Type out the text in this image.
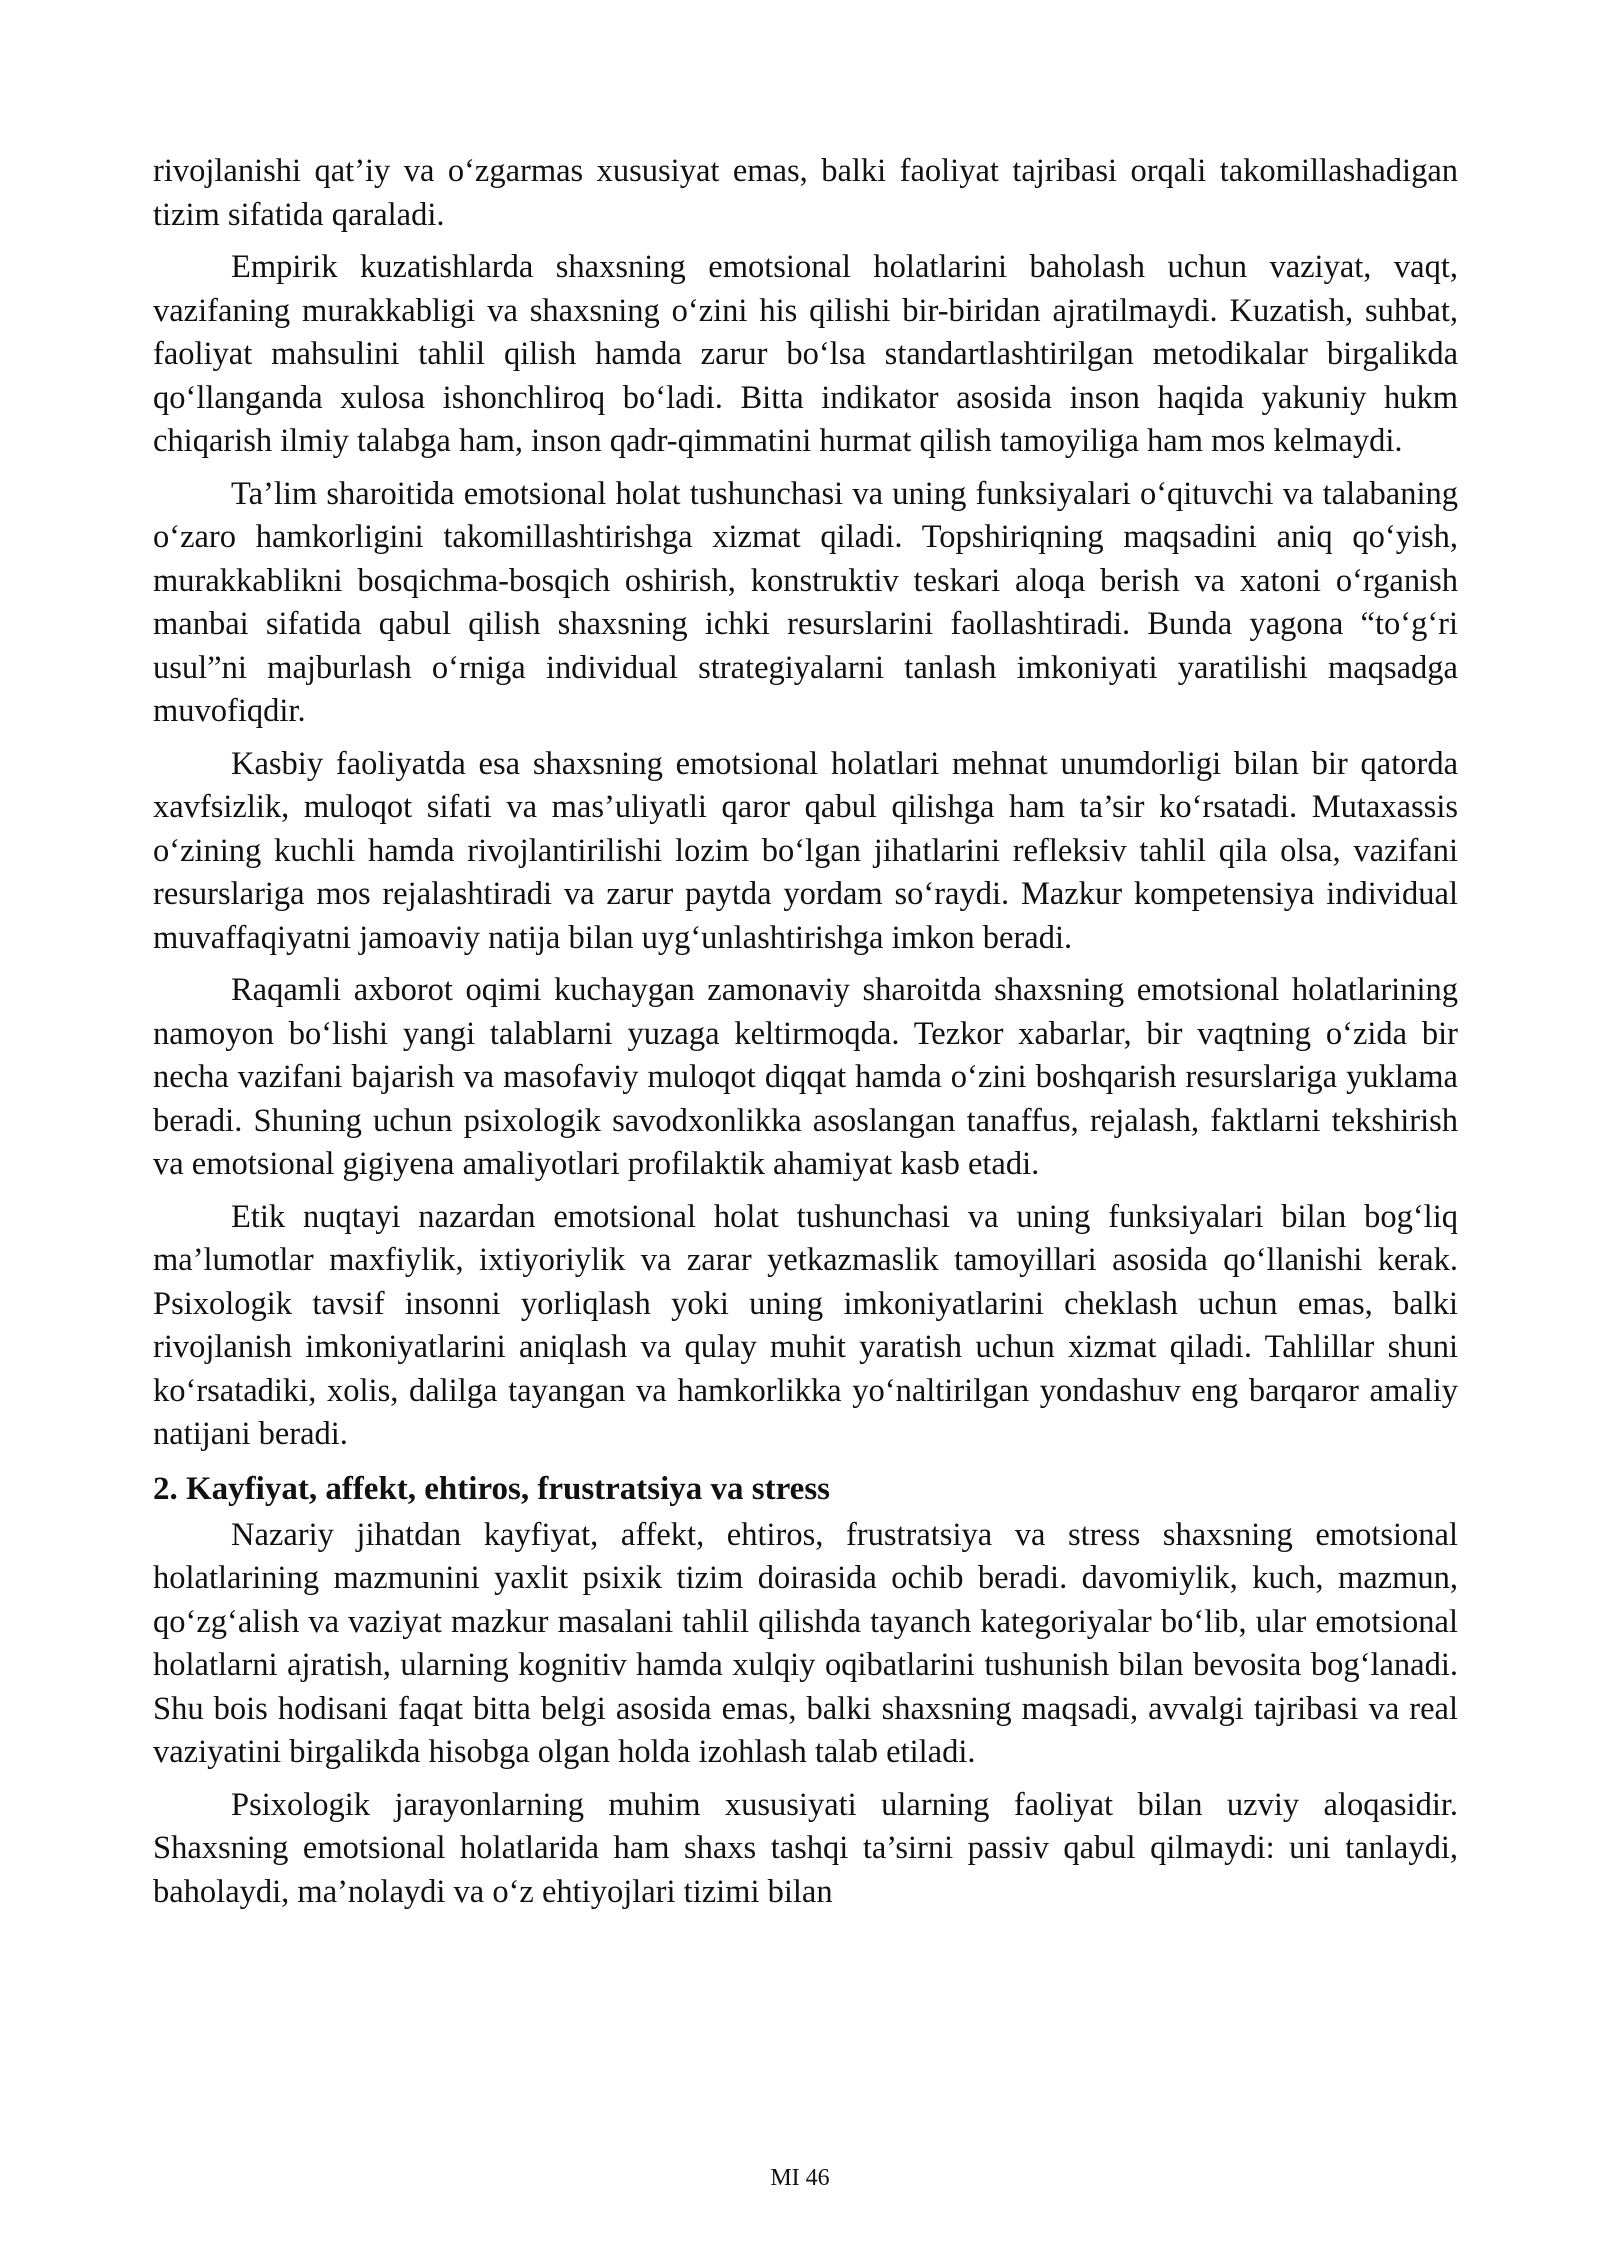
rivojlanishi qat’iy va o‘zgarmas xususiyat emas, balki faoliyat tajribasi orqali takomillashadigan tizim sifatida qaraladi.

Empirik kuzatishlarda shaxsning emotsional holatlarini baholash uchun vaziyat, vaqt, vazifaning murakkabligi va shaxsning o‘zini his qilishi bir-biridan ajratilmaydi. Kuzatish, suhbat, faoliyat mahsulini tahlil qilish hamda zarur bo‘lsa standartlashtirilgan metodikalar birgalikda qo‘llanganda xulosa ishonchliroq bo‘ladi. Bitta indikator asosida inson haqida yakuniy hukm chiqarish ilmiy talabga ham, inson qadr-qimmatini hurmat qilish tamoyiliga ham mos kelmaydi.

Ta’lim sharoitida emotsional holat tushunchasi va uning funksiyalari o‘qituvchi va talabaning o‘zaro hamkorligini takomillashtirishga xizmat qiladi. Topshiriqning maqsadini aniq qo‘yish, murakkablikni bosqichma-bosqich oshirish, konstruktiv teskari aloqa berish va xatoni o‘rganish manbai sifatida qabul qilish shaxsning ichki resurslarini faollashtiradi. Bunda yagona “to‘g‘ri usul”ni majburlash o‘rniga individual strategiyalarni tanlash imkoniyati yaratilishi maqsadga muvofiqdir.

Kasbiy faoliyatda esa shaxsning emotsional holatlari mehnat unumdorligi bilan bir qatorda xavfsizlik, muloqot sifati va mas’uliyatli qaror qabul qilishga ham ta’sir ko‘rsatadi. Mutaxassis o‘zining kuchli hamda rivojlantirilishi lozim bo‘lgan jihatlarini refleksiv tahlil qila olsa, vazifani resurslariga mos rejalashtiradi va zarur paytda yordam so‘raydi. Mazkur kompetensiya individual muvaffaqiyatni jamoaviy natija bilan uyg‘unlashtirishga imkon beradi.

Raqamli axborot oqimi kuchaygan zamonaviy sharoitda shaxsning emotsional holatlarining namoyon bo‘lishi yangi talablarni yuzaga keltirmoqda. Tezkor xabarlar, bir vaqtning o‘zida bir necha vazifani bajarish va masofaviy muloqot diqqat hamda o‘zini boshqarish resurslariga yuklama beradi. Shuning uchun psixologik savodxonlikka asoslangan tanaffus, rejalash, faktlarni tekshirish va emotsional gigiyena amaliyotlari profilaktik ahamiyat kasb etadi.

Etik nuqtayi nazardan emotsional holat tushunchasi va uning funksiyalari bilan bog‘liq ma’lumotlar maxfiylik, ixtiyoriylik va zarar yetkazmaslik tamoyillari asosida qo‘llanishi kerak. Psixologik tavsif insonni yorliqlash yoki uning imkoniyatlarini cheklash uchun emas, balki rivojlanish imkoniyatlarini aniqlash va qulay muhit yaratish uchun xizmat qiladi. Tahlillar shuni ko‘rsatadiki, xolis, dalilga tayangan va hamkorlikka yo‘naltirilgan yondashuv eng barqaror amaliy natijani beradi.

2. Kayfiyat, affekt, ehtiros, frustratsiya va stress

Nazariy jihatdan kayfiyat, affekt, ehtiros, frustratsiya va stress shaxsning emotsional holatlarining mazmunini yaxlit psixik tizim doirasida ochib beradi. davomiylik, kuch, mazmun, qo‘zg‘alish va vaziyat mazkur masalani tahlil qilishda tayanch kategoriyalar bo‘lib, ular emotsional holatlarni ajratish, ularning kognitiv hamda xulqiy oqibatlarini tushunish bilan bevosita bog‘lanadi. Shu bois hodisani faqat bitta belgi asosida emas, balki shaxsning maqsadi, avvalgi tajribasi va real vaziyatini birgalikda hisobga olgan holda izohlash talab etiladi.

Psixologik jarayonlarning muhim xususiyati ularning faoliyat bilan uzviy aloqasidir. Shaxsning emotsional holatlarida ham shaxs tashqi ta’sirni passiv qabul qilmaydi: uni tanlaydi, baholaydi, ma’nolaydi va o‘z ehtiyojlari tizimi bilan

MI 46
